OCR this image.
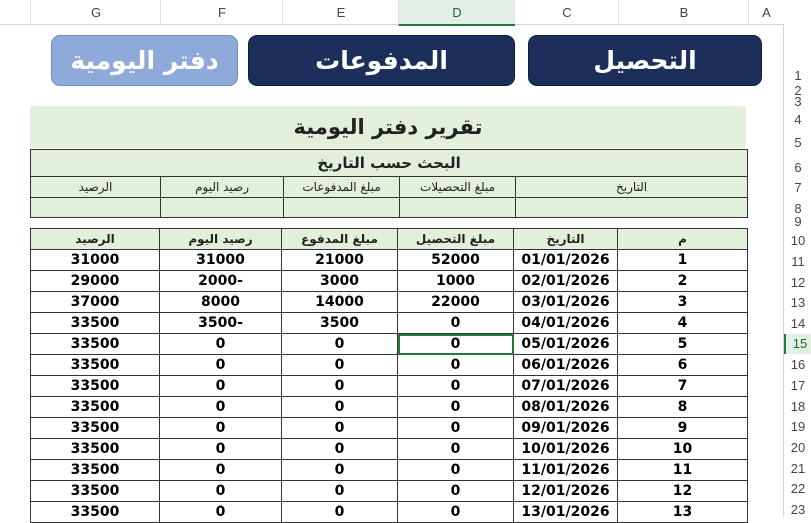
G	F	E	D	C	B	A
1
2
3
4
5
6
7
8
9
10
11
12
13
14
15
16
17
18
19
20
21
22
23
التحصيل
المدفوعات
دفتر اليومية
تقرير دفتر اليومية
البحث حسب التاريخ				
التاريخ	مبلغ التحصيلات	مبلغ المدفوعات	رصيد اليوم	الرصيد

م	التاريخ	مبلغ التحصيل	مبلغ المدفوع	رصيد اليوم	الرصيد
1	01/01/2026	52000	21000	31000	31000
2	02/01/2026	1000	3000	-2000	29000
3	03/01/2026	22000	14000	8000	37000
4	04/01/2026	0	3500	-3500	33500
5	05/01/2026	0	0	0	33500
6	06/01/2026	0	0	0	33500
7	07/01/2026	0	0	0	33500
8	08/01/2026	0	0	0	33500
9	09/01/2026	0	0	0	33500
10	10/01/2026	0	0	0	33500
11	11/01/2026	0	0	0	33500
12	12/01/2026	0	0	0	33500
13	13/01/2026	0	0	0	33500
